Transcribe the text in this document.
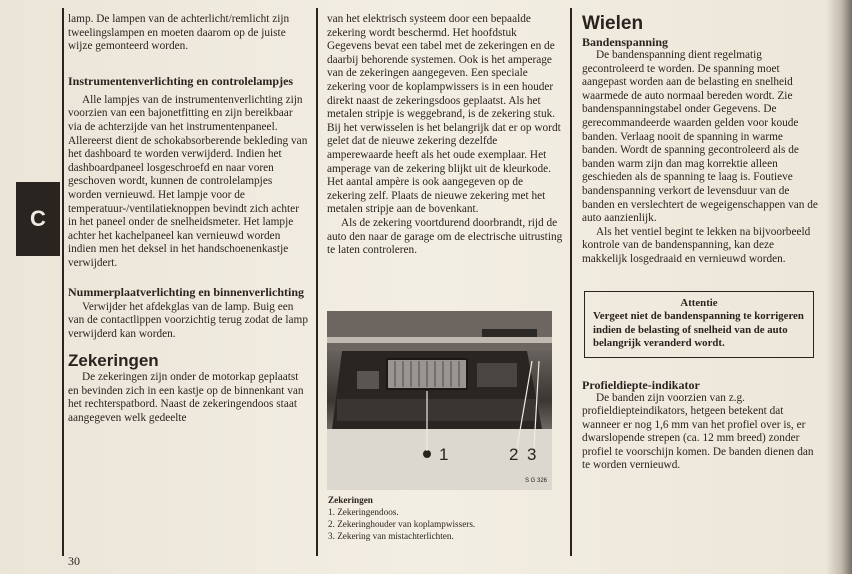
C

lamp. De lampen van de achterlicht/remlicht zijn tweelingslampen en moeten daarom op de juiste wijze gemonteerd worden.

Instrumentenverlichting en controlelampjes

Alle lampjes van de instrumentenverlichting zijn voorzien van een bajonetfitting en zijn bereikbaar via de achterzijde van het instrumentenpaneel. Allereerst dient de schokabsorberende bekleding van het dashboard te worden verwijderd. Indien het dashboardpaneel losgeschroefd en naar voren geschoven wordt, kunnen de controlelampjes worden vernieuwd. Het lampje voor de temperatuur-/ventilatieknoppen bevindt zich achter in het paneel onder de snelheidsmeter. Het lampje achter het kachelpaneel kan vernieuwd worden indien men het deksel in het handschoenenkastje verwijdert.

Nummerplaatverlichting en binnenverlichting

Verwijder het afdekglas van de lamp. Buig een van de contactlippen voorzichtig terug zodat de lamp verwijderd kan worden.

Zekeringen

De zekeringen zijn onder de motorkap geplaatst en bevinden zich in een kastje op de binnenkant van het rechterspatbord. Naast de zekeringendoos staat aangegeven welk gedeelte

van het elektrisch systeem door een bepaalde zekering wordt beschermd. Het hoofdstuk Gegevens bevat een tabel met de zekeringen en de daarbij behorende systemen. Ook is het amperage van de zekeringen aangegeven. Een speciale zekering voor de koplampwissers is in een houder direkt naast de zekeringsdoos geplaatst. Als het metalen stripje is weggebrand, is de zekering stuk. Bij het verwisselen is het belangrijk dat er op wordt gelet dat de nieuwe zekering dezelfde amperewaarde heeft als het oude exemplaar. Het amperage van de zekering blijkt uit de kleurkode. Het aantal ampère is ook aangegeven op de zekering zelf. Plaats de nieuwe zekering met het metalen stripje aan de bovenkant.

Als de zekering voortdurend doorbrandt, rijd de auto den naar de garage om de electrische uitrusting te laten controleren.

1	2 3
S G 326
Zekeringen
1. Zekeringendoos.
2. Zekeringhouder van koplampwissers.
3. Zekering van mistachterlichten.
Wielen
Bandenspanning

De bandenspanning dient regelmatig gecontroleerd te worden. De spanning moet aangepast worden aan de belasting en snelheid waarmede de auto normaal bereden wordt. Zie bandenspanningstabel onder Gegevens. De gerecommandeerde waarden gelden voor koude banden. Verlaag nooit de spanning in warme banden. Wordt de spanning gecontroleerd als de banden warm zijn dan mag korrektie alleen geschieden als de spanning te laag is. Foutieve bandenspanning verkort de levensduur van de banden en verslechtert de wegeigenschappen van de auto aanzienlijk.

Als het ventiel begint te lekken na bijvoorbeeld kontrole van de bandenspanning, kan deze makkelijk losgedraaid en vernieuwd worden.

Attentie
Vergeet niet de bandenspanning te korrigeren indien de belasting of snelheid van de auto belangrijk veranderd wordt.
Profieldiepte-indikator

De banden zijn voorzien van z.g. profieldiepteindikators, hetgeen betekent dat wanneer er nog 1,6 mm van het profiel over is, er dwarslopende strepen (ca. 12 mm breed) zonder profiel te voorschijn komen. De banden dienen dan te worden vernieuwd.

30
